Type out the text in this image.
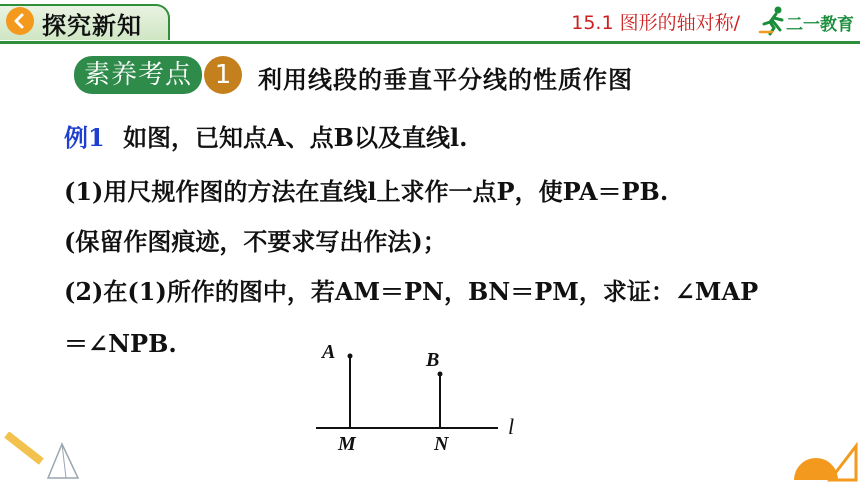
探究新知	15.1 图形的轴对称/	二一教育
素养考点 1	利用线段的垂直平分线的性质作图
例1 如图，已知点A、点B以及直线l.
(1)用尺规作图的方法在直线l上求作一点P，使PA＝PB.
(保留作图痕迹，不要求写出作法)；
(2)在(1)所作的图中，若AM＝PN，BN＝PM，求证：∠MAP
＝∠NPB.	A	B
M	N
l
